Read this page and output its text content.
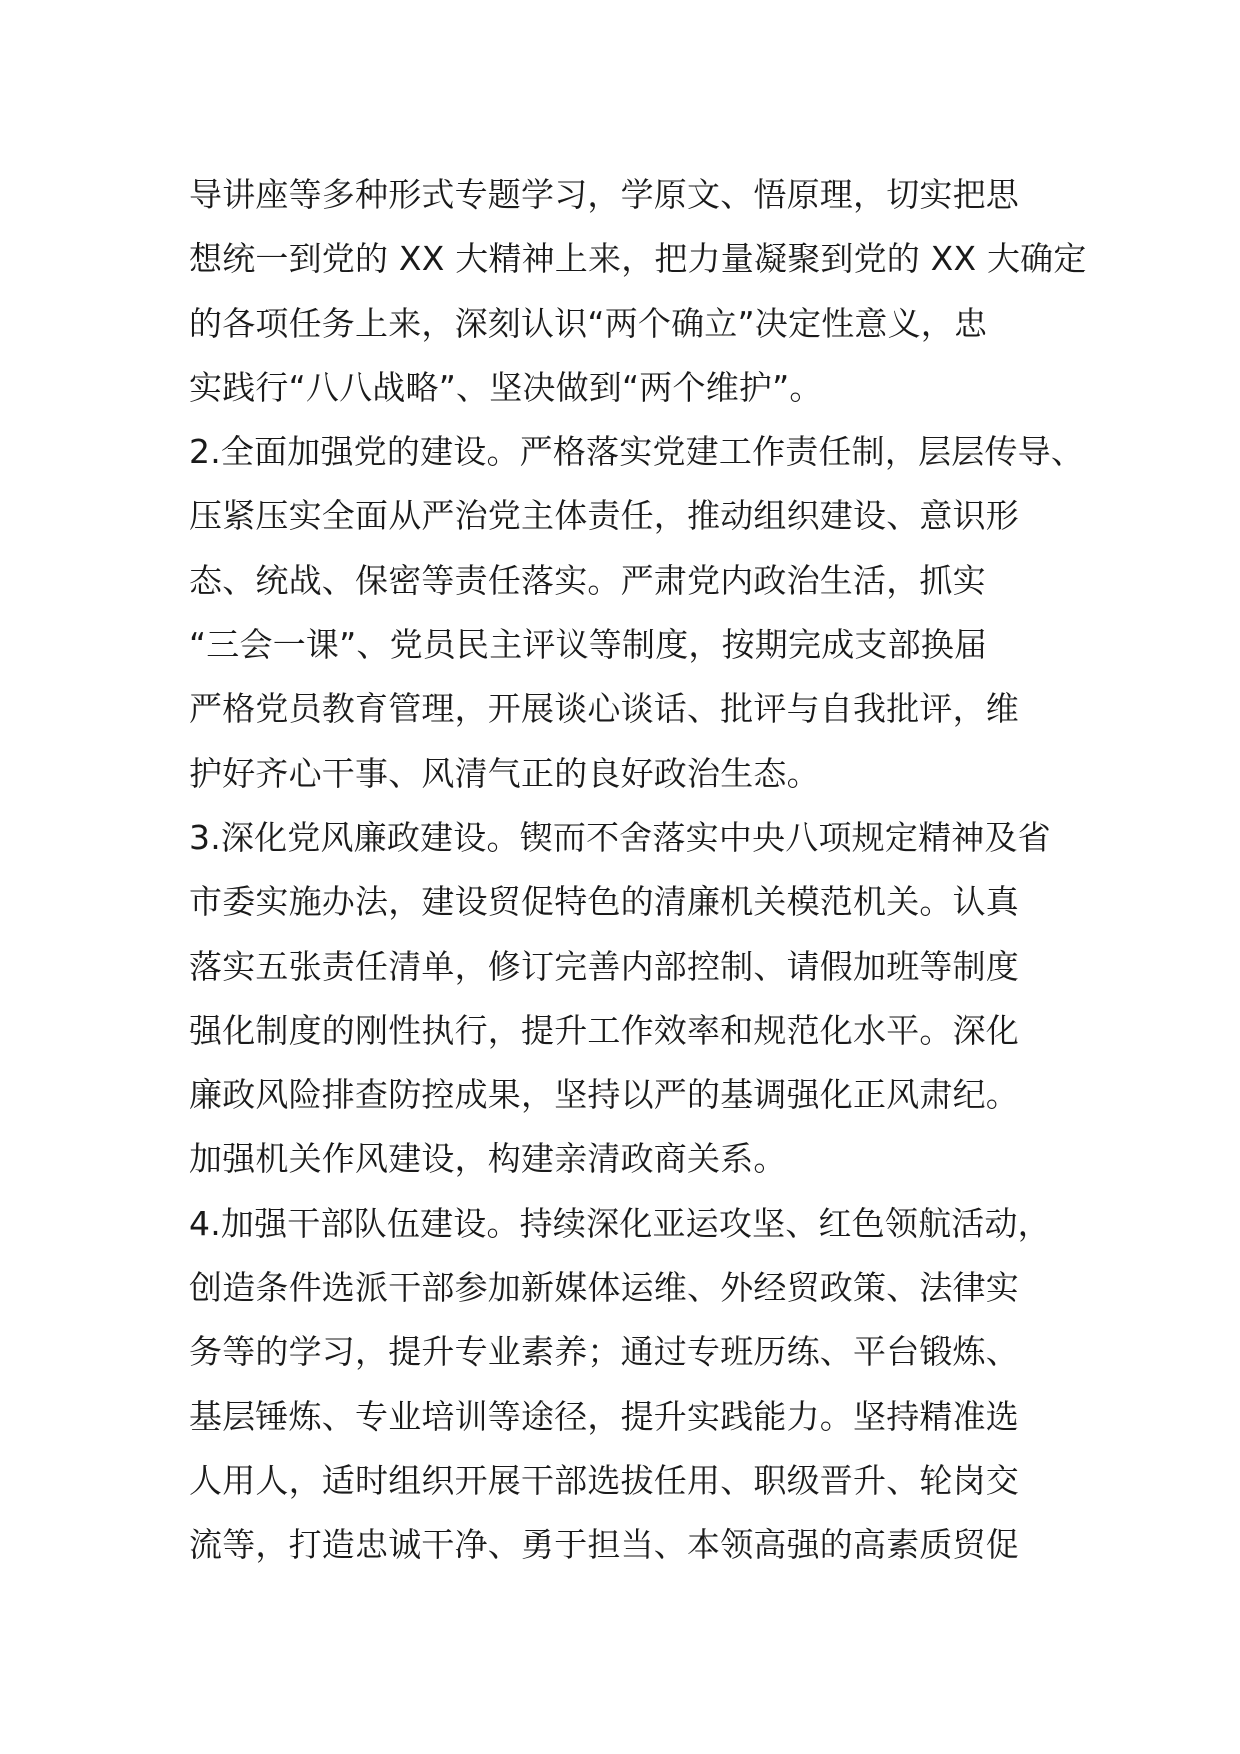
导讲座等多种形式专题学习，学原文、悟原理，切实把思
想统一到党的 XX 大精神上来，把力量凝聚到党的 XX 大确定
的各项任务上来，深刻认识“两个确立”决定性意义，忠
实践行“八八战略”、坚决做到“两个维护”。
2.全面加强党的建设。严格落实党建工作责任制，层层传导、
压紧压实全面从严治党主体责任，推动组织建设、意识形
态、统战、保密等责任落实。严肃党内政治生活，抓实
“三会一课”、党员民主评议等制度，按期完成支部换届
严格党员教育管理，开展谈心谈话、批评与自我批评，维
护好齐心干事、风清气正的良好政治生态。
3.深化党风廉政建设。锲而不舍落实中央八项规定精神及省
市委实施办法，建设贸促特色的清廉机关模范机关。认真
落实五张责任清单，修订完善内部控制、请假加班等制度
强化制度的刚性执行，提升工作效率和规范化水平。深化
廉政风险排查防控成果，坚持以严的基调强化正风肃纪。
加强机关作风建设，构建亲清政商关系。
4.加强干部队伍建设。持续深化亚运攻坚、红色领航活动，
创造条件选派干部参加新媒体运维、外经贸政策、法律实
务等的学习，提升专业素养；通过专班历练、平台锻炼、
基层锤炼、专业培训等途径，提升实践能力。坚持精准选
人用人，适时组织开展干部选拔任用、职级晋升、轮岗交
流等，打造忠诚干净、勇于担当、本领高强的高素质贸促
